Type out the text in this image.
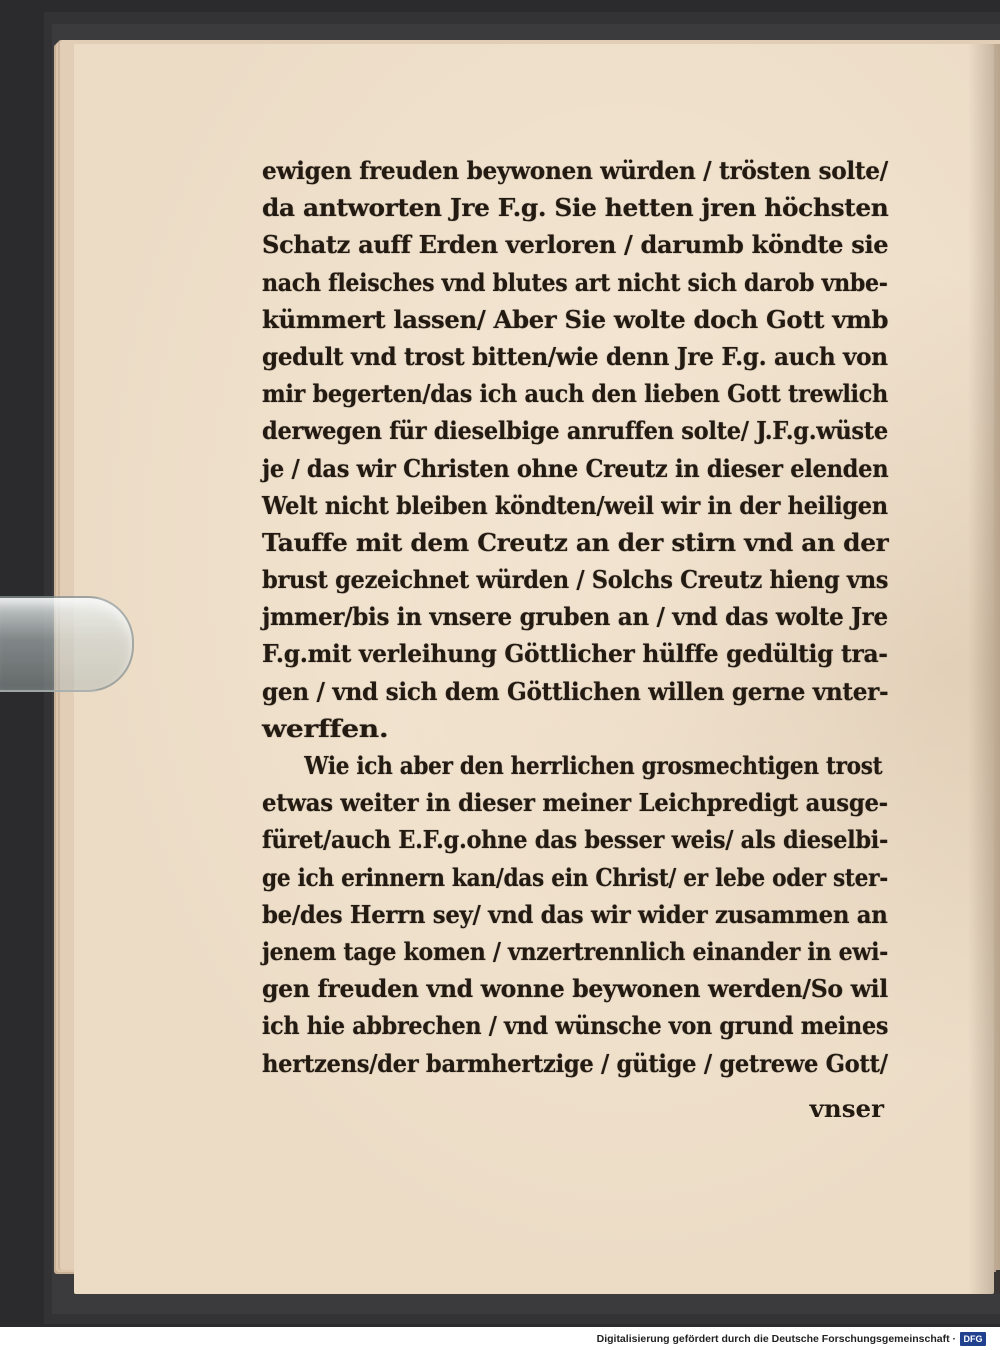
ewigen freuden beywonen würden / trösten solte/
da antworten Jre F.g. Sie hetten jren höchsten
Schatz auff Erden verloren / darumb köndte sie
nach fleisches vnd blutes art nicht sich darob vnbe-
kümmert lassen/ Aber Sie wolte doch Gott vmb
gedult vnd trost bitten/wie denn Jre F.g. auch von
mir begerten/das ich auch den lieben Gott trewlich
derwegen für dieselbige anruffen solte/ J.F.g.wüste
je / das wir Christen ohne Creutz in dieser elenden
Welt nicht bleiben köndten/weil wir in der heiligen
Tauffe mit dem Creutz an der stirn vnd an der
brust gezeichnet würden / Solchs Creutz hieng vns
jmmer/bis in vnsere gruben an / vnd das wolte Jre
F.g.mit verleihung Göttlicher hülffe gedültig tra-
gen / vnd sich dem Göttlichen willen gerne vnter-
werffen.
Wie ich aber den herrlichen grosmechtigen trost
etwas weiter in dieser meiner Leichpredigt ausge-
füret/auch E.F.g.ohne das besser weis/ als dieselbi-
ge ich erinnern kan/das ein Christ/ er lebe oder ster-
be/des Herrn sey/ vnd das wir wider zusammen an
jenem tage komen / vnzertrennlich einander in ewi-
gen freuden vnd wonne beywonen werden/So wil
ich hie abbrechen / vnd wünsche von grund meines
hertzens/der barmhertzige / gütige / getrewe Gott/
vnser
Digitalisierung gefördert durch die Deutsche Forschungsgemeinschaft · DFG
